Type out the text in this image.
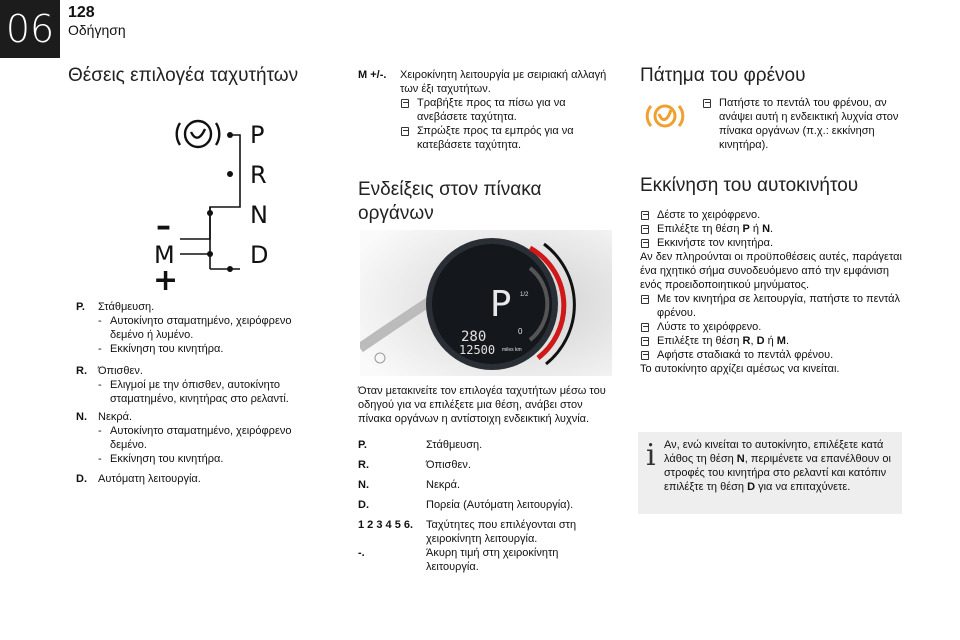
06 128
Οδήγηση
Θέσεις επιλογέα ταχυτήτων
P
R
N
D
M
–
+
P. Στάθμευση.
- Αυτοκίνητο σταματημένο, χειρόφρενο δεμένο ή λυμένο.
- Εκκίνηση του κινητήρα.
R. Όπισθεν.
- Ελιγμοί με την όπισθεν, αυτοκίνητο σταματημένο, κινητήρας στο ρελαντί.
N. Νεκρά.
- Αυτοκίνητο σταματημένο, χειρόφρενο δεμένο.
- Εκκίνηση του κινητήρα.
D. Αυτόματη λειτουργία.
M +/-. Χειροκίνητη λειτουργία με σειριακή αλλαγή των έξι ταχυτήτων.
Τραβήξτε προς τα πίσω για να ανεβάσετε ταχύτητα.
Σπρώξτε προς τα εμπρός για να κατεβάσετε ταχύτητα.
Ενδείξεις στον πίνακα
οργάνων
P
280
12500 miles km
1/2
0
Όταν μετακινείτε τον επιλογέα ταχυτήτων μέσω του οδηγού για να επιλέξετε μια θέση, ανάβει στον πίνακα οργάνων η αντίστοιχη ενδεικτική λυχνία.
P.	Στάθμευση.
R.	Όπισθεν.
N.	Νεκρά.
D.	Πορεία (Αυτόματη λειτουργία).
1 2 3 4 5 6. Ταχύτητες που επιλέγονται στη χειροκίνητη λειτουργία.
-.	Άκυρη τιμή στη χειροκίνητη λειτουργία.
Πάτημα του φρένου
Πατήστε το πεντάλ του φρένου, αν ανάψει αυτή η ενδεικτική λυχνία στον πίνακα οργάνων (π.χ.: εκκίνηση κινητήρα).
Εκκίνηση του αυτοκινήτου
Δέστε το χειρόφρενο.
Επιλέξτε τη θέση P ή N.
Εκκινήστε τον κινητήρα.
Αν δεν πληρούνται οι προϋποθέσεις αυτές, παράγεται ένα ηχητικό σήμα συνοδευόμενο από την εμφάνιση ενός προειδοποιητικού μηνύματος.
Με τον κινητήρα σε λειτουργία, πατήστε το πεντάλ φρένου.
Λύστε το χειρόφρενο.
Επιλέξτε τη θέση R, D ή M.
Αφήστε σταδιακά το πεντάλ φρένου.
Το αυτοκίνητο αρχίζει αμέσως να κινείται.
i Αν, ενώ κινείται το αυτοκίνητο, επιλέξετε κατά λάθος τη θέση N, περιμένετε να επανέλθουν οι στροφές του κινητήρα στο ρελαντί και κατόπιν επιλέξτε τη θέση D για να επιταχύνετε.
